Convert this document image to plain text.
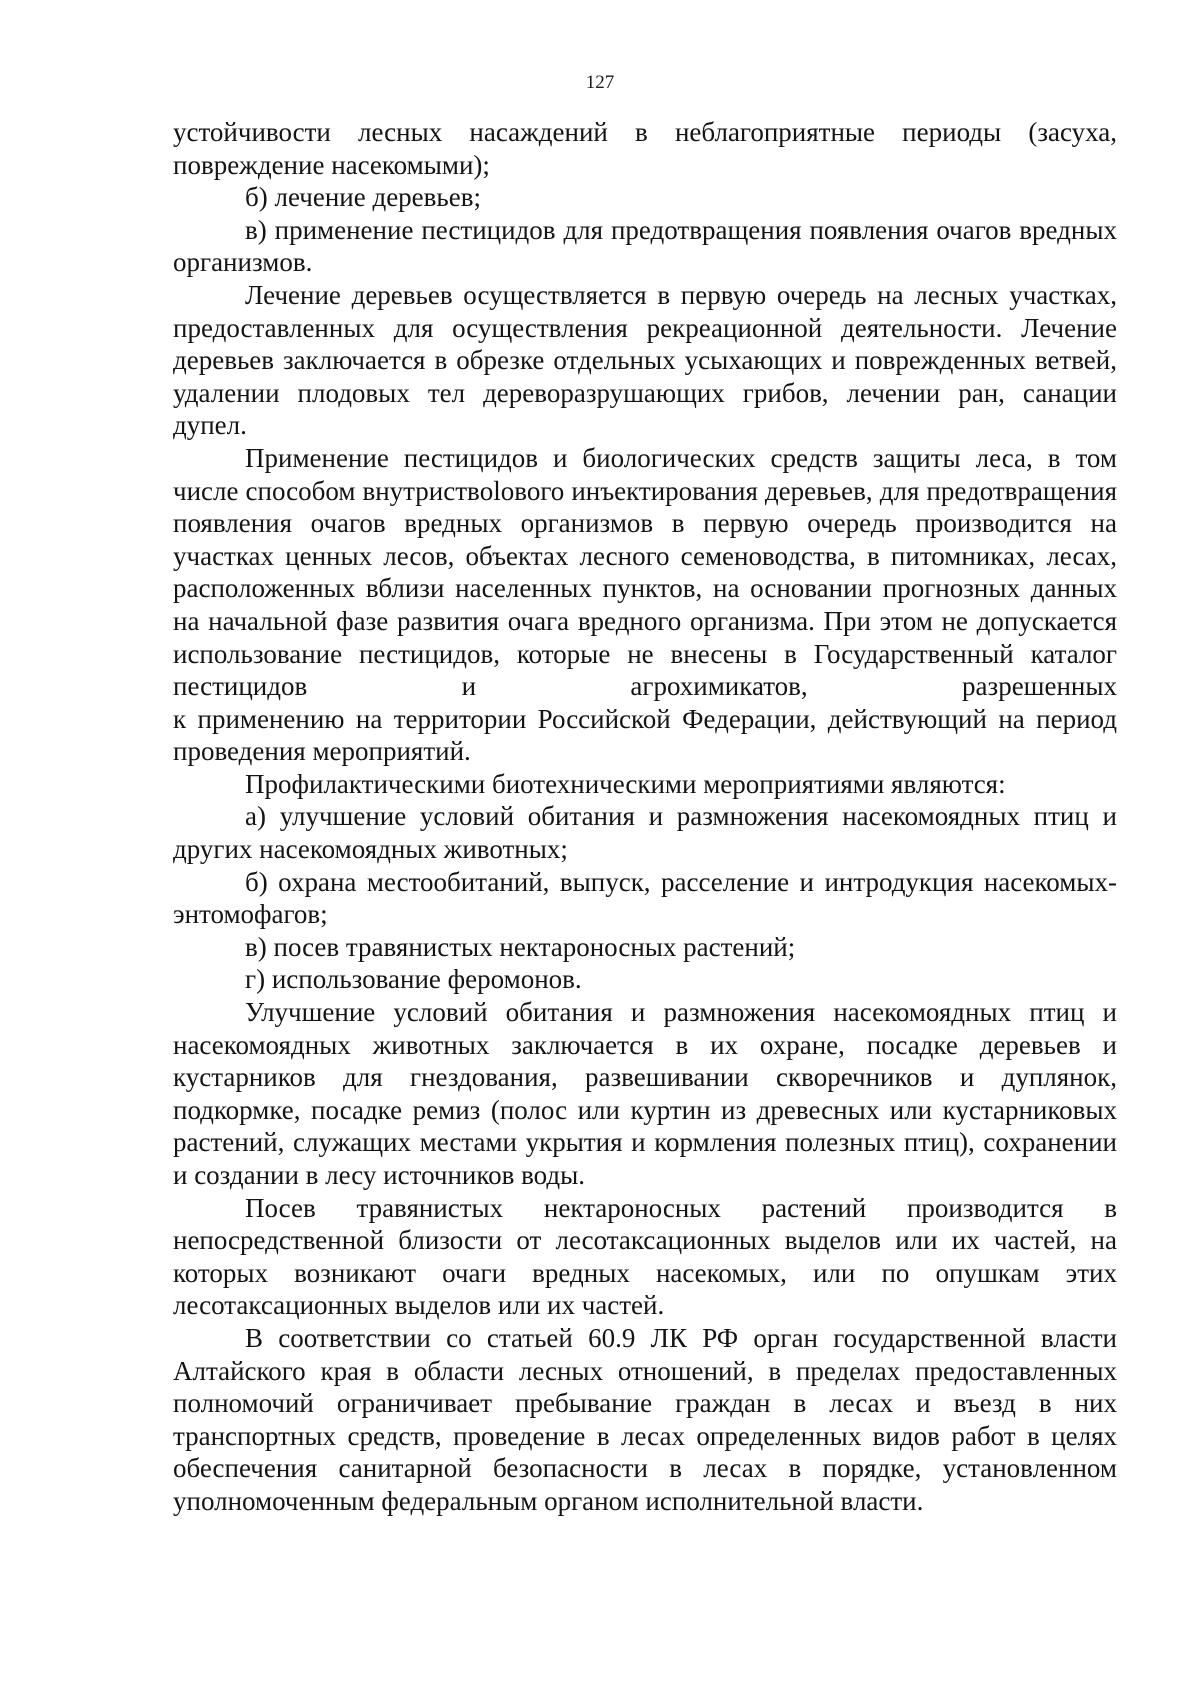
127

устойчивости лесных насаждений в неблагоприятные периоды (засуха, повреждение насекомыми);

б) лечение деревьев;

в) применение пестицидов для предотвращения появления очагов вредных организмов.

Лечение деревьев осуществляется в первую очередь на лесных участках, предоставленных для осуществления рекреационной деятельности. Лечение деревьев заключается в обрезке отдельных усыхающих и поврежденных ветвей, удалении плодовых тел дереворазрушающих грибов, лечении ран, санации дупел.

Применение пестицидов и биологических средств защиты леса, в том числе способом внутриствolового инъектирования деревьев, для предотвращения появления очагов вредных организмов в первую очередь производится на участках ценных лесов, объектах лесного семеноводства, в питомниках, лесах, расположенных вблизи населенных пунктов, на основании прогнозных данных на начальной фазе развития очага вредного организма. При этом не допускается использование пестицидов, которые не внесены в Государственный каталог пестицидов и агрохимикатов, разрешенных

к применению на территории Российской Федерации, действующий на период проведения мероприятий.

Профилактическими биотехническими мероприятиями являются:

а) улучшение условий обитания и размножения насекомоядных птиц и других насекомоядных животных;

б) охрана местообитаний, выпуск, расселение и интродукция насекомых-энтомофагов;

в) посев травянистых нектароносных растений;

г) использование феромонов.

Улучшение условий обитания и размножения насекомоядных птиц и насекомоядных животных заключается в их охране, посадке деревьев и кустарников для гнездования, развешивании скворечников и дуплянок, подкормке, посадке ремиз (полос или куртин из древесных или кустарниковых растений, служащих местами укрытия и кормления полезных птиц), сохранении и создании в лесу источников воды.

Посев травянистых нектароносных растений производится в непосредственной близости от лесотаксационных выделов или их частей, на которых возникают очаги вредных насекомых, или по опушкам этих лесотаксационных выделов или их частей.

В соответствии со статьей 60.9 ЛК РФ орган государственной власти Алтайского края в области лесных отношений, в пределах предоставленных полномочий ограничивает пребывание граждан в лесах и въезд в них транспортных средств, проведение в лесах определенных видов работ в целях обеспечения санитарной безопасности в лесах в порядке, установленном уполномоченным федеральным органом исполнительной власти.
